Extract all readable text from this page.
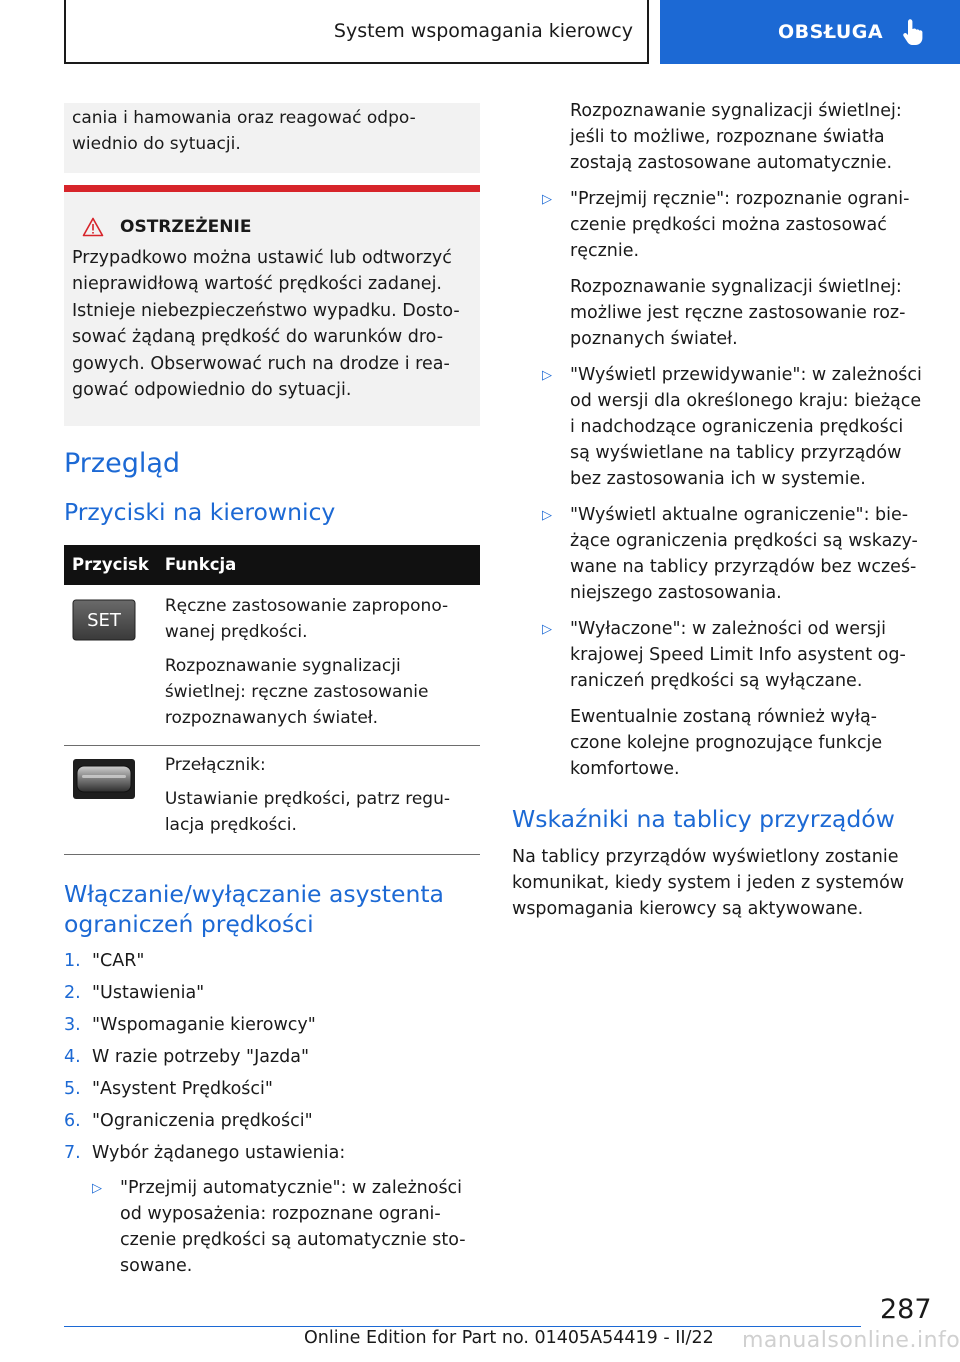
System wspomagania kierowcy	OBSŁUGA
cania i hamowania oraz reagować odpo-
wiednio do sytuacji.
OSTRZEŻENIE
Przypadkowo można ustawić lub odtworzyć
nieprawidłową wartość prędkości zadanej.
Istnieje niebezpieczeństwo wypadku. Dosto-
sować żądaną prędkość do warunków dro-
gowych. Obserwować ruch na drodze i rea-
gować odpowiednio do sytuacji.
Przegląd
Przyciski na kierownicy
Przycisk	Funkcja

SET	Ręczne zastosowanie zapropono-
wanej prędkości.

Rozpoznawanie sygnalizacji
świetlnej: ręczne zastosowanie
rozpoznawanych świateł.

Przełącznik:

Ustawianie prędkości, patrz regu-
lacja prędkości.

Włączanie/wyłączanie asystenta
ograniczeń prędkości
1. "CAR"
2. "Ustawienia"
3. "Wspomaganie kierowcy"
4. W razie potrzeby "Jazda"
5. "Asystent Prędkości"
6. "Ograniczenia prędkości"
7. Wybór żądanego ustawienia:
▷	"Przejmij automatycznie": w zależności
od wyposażenia: rozpoznane ograni-
czenie prędkości są automatycznie sto-
sowane.
Rozpoznawanie sygnalizacji świetlnej:
jeśli to możliwe, rozpoznane światła
zostają zastosowane automatycznie.
▷	"Przejmij ręcznie": rozpoznanie ograni-
czenie prędkości można zastosować
ręcznie.
Rozpoznawanie sygnalizacji świetlnej:
możliwe jest ręczne zastosowanie roz-
poznanych świateł.
▷	"Wyświetl przewidywanie": w zależności
od wersji dla określonego kraju: bieżące
i nadchodzące ograniczenia prędkości
są wyświetlane na tablicy przyrządów
bez zastosowania ich w systemie.
▷	"Wyświetl aktualne ograniczenie": bie-
żące ograniczenia prędkości są wskazy-
wane na tablicy przyrządów bez wcześ-
niejszego zastosowania.
▷	"Wyłaczone": w zależności od wersji
krajowej Speed Limit Info asystent og-
raniczeń prędkości są wyłączane.
Ewentualnie zostaną również wyłą-
czone kolejne prognozujące funkcje
komfortowe.
Wskaźniki na tablicy przyrządów
Na tablicy przyrządów wyświetlony zostanie
komunikat, kiedy system i jeden z systemów
wspomagania kierowcy są aktywowane.
287
Online Edition for Part no. 01405A54419 - II/22 manualsonline.info
